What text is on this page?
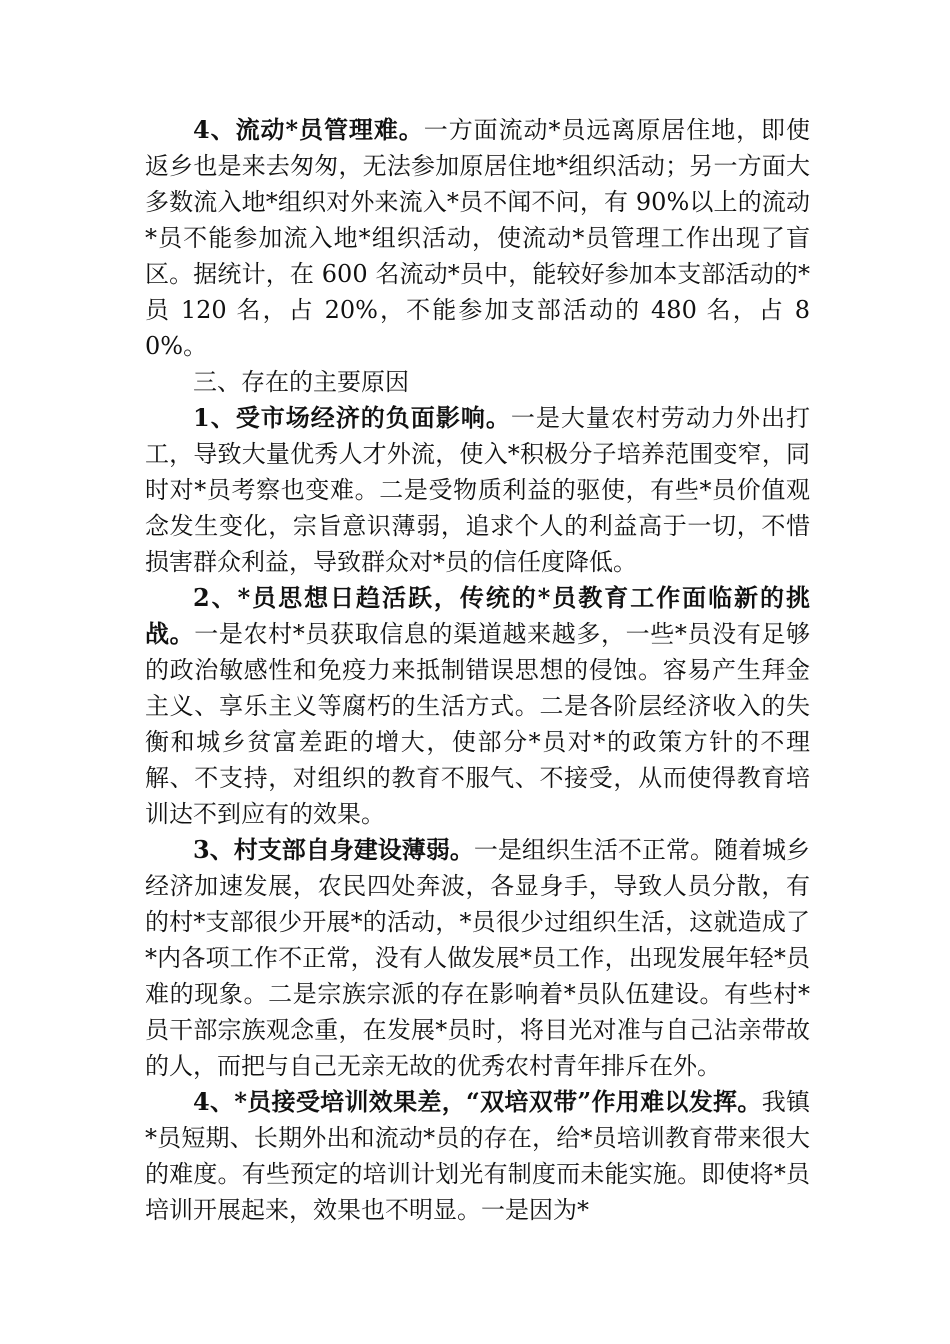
4、流动*员管理难。一方面流动*员远离原居住地，即使返乡也是来去匆匆，无法参加原居住地*组织活动；另一方面大多数流入地*组织对外来流入*员不闻不问，有 90%以上的流动*员不能参加流入地*组织活动，使流动*员管理工作出现了盲区。据统计，在 600 名流动*员中，能较好参加本支部活动的*员 120 名，占 20%，不能参加支部活动的 480 名，占 80%。

三、存在的主要原因

1、受市场经济的负面影响。一是大量农村劳动力外出打工，导致大量优秀人才外流，使入*积极分子培养范围变窄，同时对*员考察也变难。二是受物质利益的驱使，有些*员价值观念发生变化，宗旨意识薄弱，追求个人的利益高于一切，不惜损害群众利益，导致群众对*员的信任度降低。

2、*员思想日趋活跃，传统的*员教育工作面临新的挑战。一是农村*员获取信息的渠道越来越多，一些*员没有足够的政治敏感性和免疫力来抵制错误思想的侵蚀。容易产生拜金主义、享乐主义等腐朽的生活方式。二是各阶层经济收入的失衡和城乡贫富差距的增大，使部分*员对*的政策方针的不理解、不支持，对组织的教育不服气、不接受，从而使得教育培训达不到应有的效果。

3、村支部自身建设薄弱。一是组织生活不正常。随着城乡经济加速发展，农民四处奔波，各显身手，导致人员分散，有的村*支部很少开展*的活动，*员很少过组织生活，这就造成了*内各项工作不正常，没有人做发展*员工作，出现发展年轻*员难的现象。二是宗族宗派的存在影响着*员队伍建设。有些村*员干部宗族观念重，在发展*员时，将目光对准与自己沾亲带故的人，而把与自己无亲无故的优秀农村青年排斥在外。

4、*员接受培训效果差，“双培双带”作用难以发挥。我镇*员短期、长期外出和流动*员的存在，给*员培训教育带来很大的难度。有些预定的培训计划光有制度而未能实施。即使将*员培训开展起来，效果也不明显。一是因为*
